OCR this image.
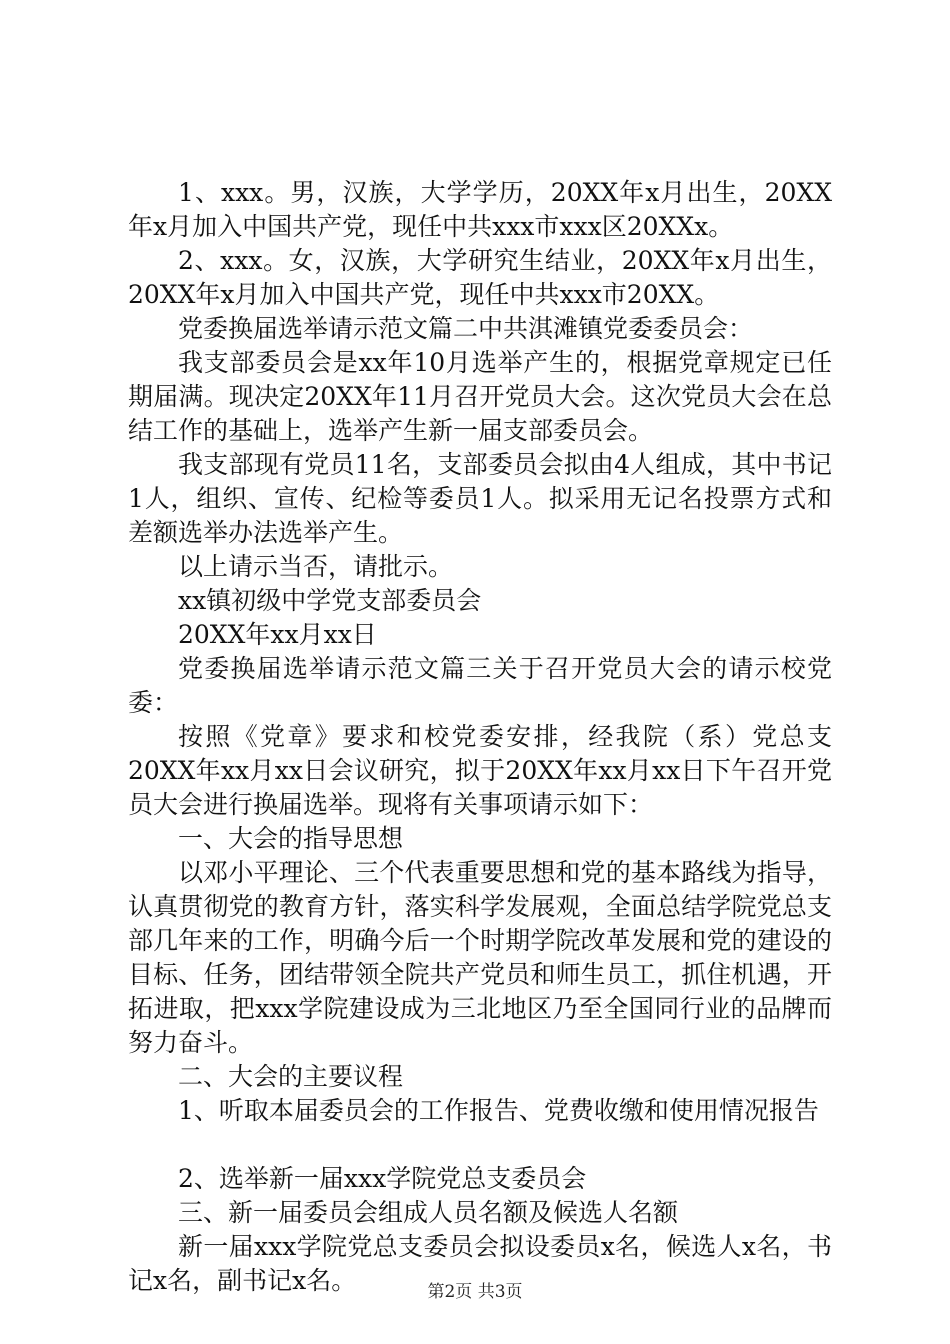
1、xxx。男，汉族，大学学历，20XX年x月出生，20XX年x月加入中国共产党，现任中共xxx市xxx区20XXx。

2、xxx。女，汉族，大学研究生结业，20XX年x月出生，20XX年x月加入中国共产党，现任中共xxx市20XX。

党委换届选举请示范文篇二中共淇滩镇党委委员会：

我支部委员会是xx年10月选举产生的，根据党章规定已任期届满。现决定20XX年11月召开党员大会。这次党员大会在总结工作的基础上，选举产生新一届支部委员会。

我支部现有党员11名，支部委员会拟由4人组成，其中书记1人，组织、宣传、纪检等委员1人。拟采用无记名投票方式和差额选举办法选举产生。

以上请示当否，请批示。

xx镇初级中学党支部委员会

20XX年xx月xx日

党委换届选举请示范文篇三关于召开党员大会的请示校党委：

按照《党章》要求和校党委安排，经我院（系）党总支20XX年xx月xx日会议研究，拟于20XX年xx月xx日下午召开党员大会进行换届选举。现将有关事项请示如下：

一、大会的指导思想

以邓小平理论、三个代表重要思想和党的基本路线为指导，认真贯彻党的教育方针，落实科学发展观，全面总结学院党总支部几年来的工作，明确今后一个时期学院改革发展和党的建设的目标、任务，团结带领全院共产党员和师生员工，抓住机遇，开拓进取，把xxx学院建设成为三北地区乃至全国同行业的品牌而努力奋斗。

二、大会的主要议程

1、听取本届委员会的工作报告、党费收缴和使用情况报告

2、选举新一届xxx学院党总支委员会

三、新一届委员会组成人员名额及候选人名额

新一届xxx学院党总支委员会拟设委员x名，候选人x名，书记x名，副书记x名。	第2页 共3页
